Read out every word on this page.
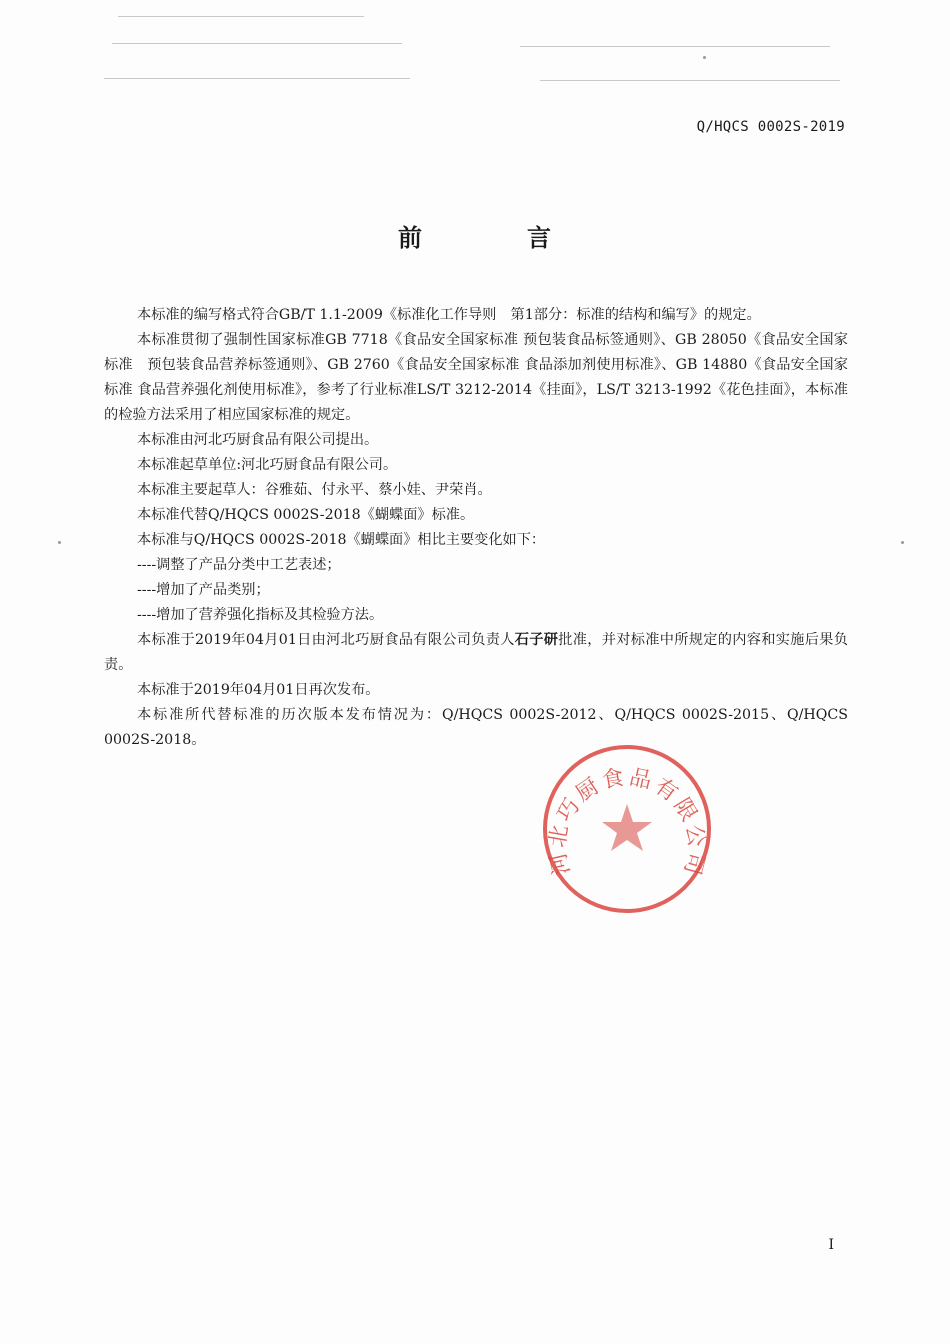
Q/HQCS 0002S-2019
前	言

本标准的编写格式符合GB/T 1.1-2009《标准化工作导则　第1部分：标准的结构和编写》的规定。

本标准贯彻了强制性国家标准GB 7718《食品安全国家标准 预包装食品标签通则》、GB 28050《食品安全国家标准　预包装食品营养标签通则》、GB 2760《食品安全国家标准 食品添加剂使用标准》、GB 14880《食品安全国家标准 食品营养强化剂使用标准》，参考了行业标准LS/T 3212-2014《挂面》，LS/T 3213-1992《花色挂面》，本标准的检验方法采用了相应国家标准的规定。

本标准由河北巧厨食品有限公司提出。

本标准起草单位:河北巧厨食品有限公司。

本标准主要起草人：谷雅茹、付永平、蔡小娃、尹荣肖。

本标准代替Q/HQCS 0002S-2018《蝴蝶面》标准。

本标准与Q/HQCS 0002S-2018《蝴蝶面》相比主要变化如下：

----调整了产品分类中工艺表述；

----增加了产品类别；

----增加了营养强化指标及其检验方法。

本标准于2019年04月01日由河北巧厨食品有限公司负责人石子研批准，并对标准中所规定的内容和实施后果负责。

本标准于2019年04月01日再次发布。

本标准所代替标准的历次版本发布情况为：Q/HQCS 0002S-2012、Q/HQCS 0002S-2015、Q/HQCS 0002S-2018。

河北巧厨食品有限公司
I
